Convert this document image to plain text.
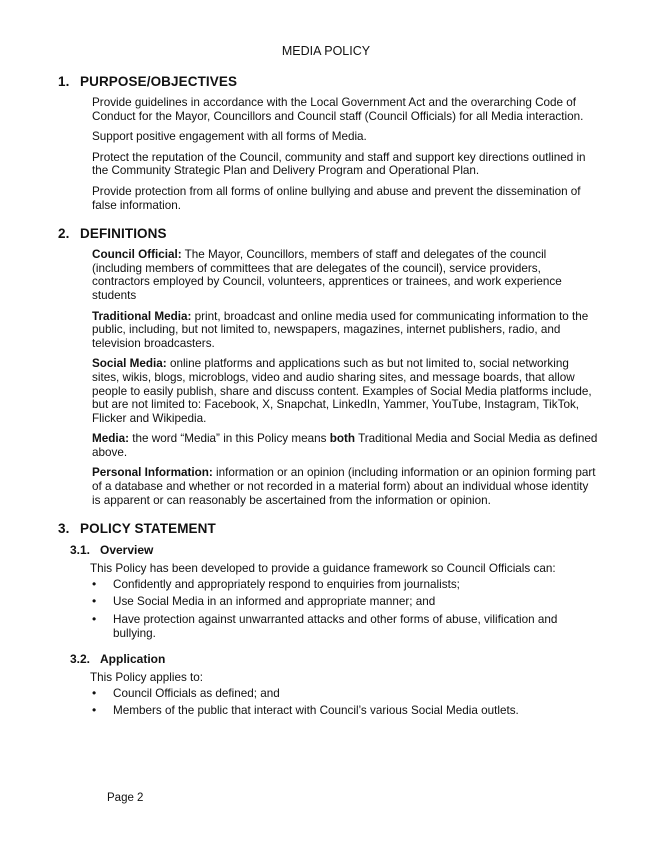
MEDIA POLICY
1. PURPOSE/OBJECTIVES

Provide guidelines in accordance with the Local Government Act and the overarching Code of Conduct for the Mayor, Councillors and Council staff (Council Officials) for all Media interaction.

Support positive engagement with all forms of Media.

Protect the reputation of the Council, community and staff and support key directions outlined in the Community Strategic Plan and Delivery Program and Operational Plan.

Provide protection from all forms of online bullying and abuse and prevent the dissemination of false information.

2. DEFINITIONS

Council Official: The Mayor, Councillors, members of staff and delegates of the council (including members of committees that are delegates of the council), service providers, contractors employed by Council, volunteers, apprentices or trainees, and work experience students

Traditional Media: print, broadcast and online media used for communicating information to the public, including, but not limited to, newspapers, magazines, internet publishers, radio, and television broadcasters.

Social Media: online platforms and applications such as but not limited to, social networking sites, wikis, blogs, microblogs, video and audio sharing sites, and message boards, that allow people to easily publish, share and discuss content. Examples of Social Media platforms include, but are not limited to: Facebook, X, Snapchat, LinkedIn, Yammer, YouTube, Instagram, TikTok, Flicker and Wikipedia.

Media: the word “Media” in this Policy means both Traditional Media and Social Media as defined above.

Personal Information: information or an opinion (including information or an opinion forming part of a database and whether or not recorded in a material form) about an individual whose identity is apparent or can reasonably be ascertained from the information or opinion.

3. POLICY STATEMENT
3.1. Overview

This Policy has been developed to provide a guidance framework so Council Officials can:

•	Confidently and appropriately respond to enquiries from journalists;
•	Use Social Media in an informed and appropriate manner; and
•	Have protection against unwarranted attacks and other forms of abuse, vilification and bullying.
3.2. Application

This Policy applies to:

•	Council Officials as defined; and
•	Members of the public that interact with Council’s various Social Media outlets.
Page 2
